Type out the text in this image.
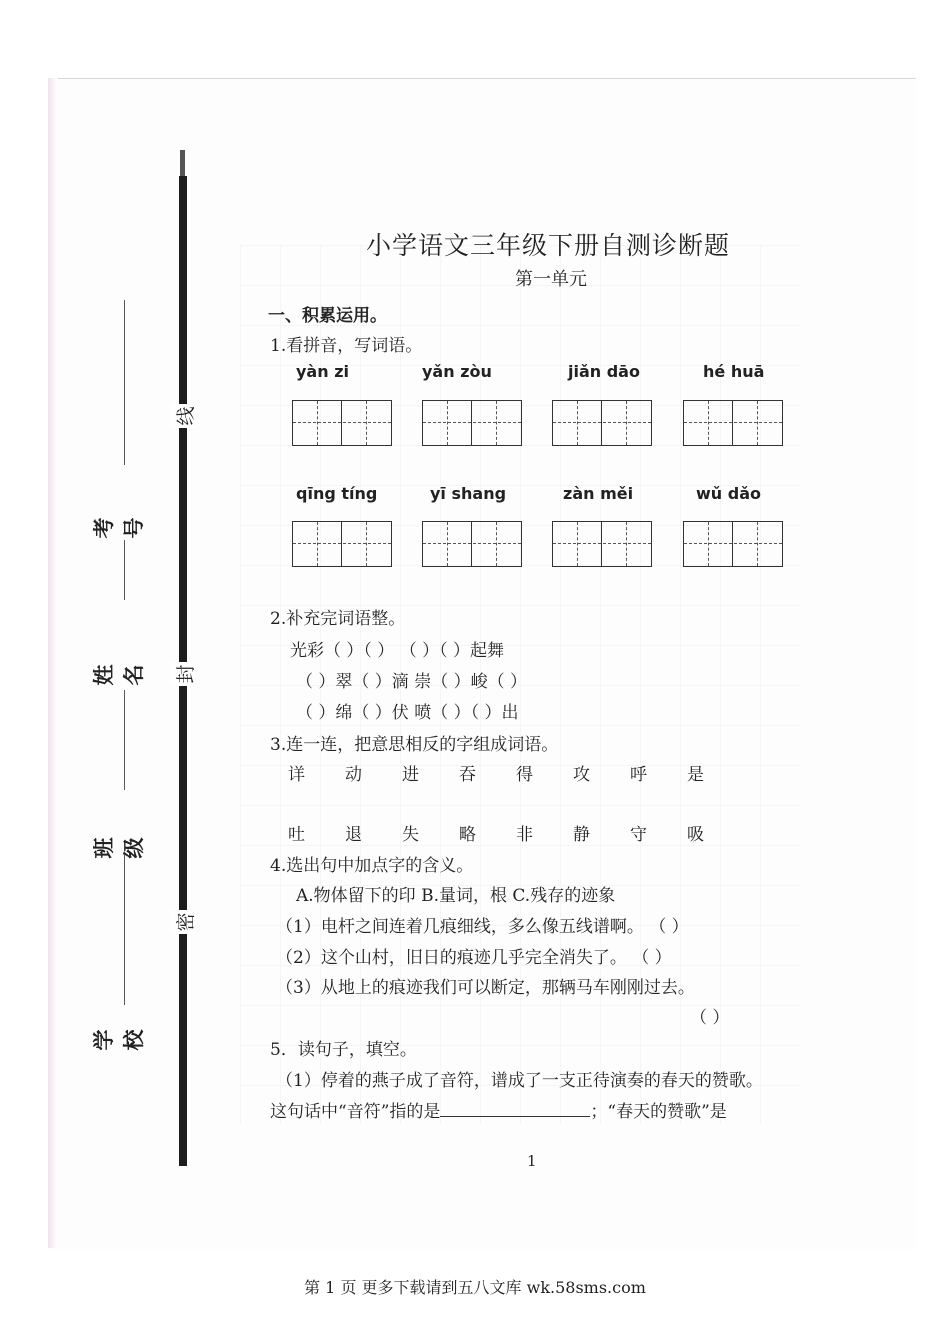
学校
班级
姓名
考号
密
封
线
小学语文三年级下册自测诊断题
第一单元
一、积累运用。
1.看拼音，写词语。
yàn zi	yǎn zòu	jiǎn dāo	hé huā
qīng tíng	yī shang	zàn měi	wǔ dǎo
2.补充完词语整。
光彩（ ）（ ） （ ）（ ）起舞
（ ）翠（ ）滴 崇（ ）峻（ ）
（ ）绵（ ）伏 喷（ ）（ ）出
3.连一连，把意思相反的字组成词语。
详 动 进 吞 得 攻 呼 是
吐 退 失 略 非 静 守 吸
4.选出句中加点字的含义。
A.物体留下的印 B.量词，根 C.残存的迹象
（1）电杆之间连着几痕细线，多么像五线谱啊。 （ ）
（2）这个山村，旧日的痕迹几乎完全消失了。 （ ）
（3）从地上的痕迹我们可以断定，那辆马车刚刚过去。
（ ）
5．读句子，填空。
（1）停着的燕子成了音符，谱成了一支正待演奏的春天的赞歌。
这句话中“音符”指的是	；“春天的赞歌”是
1
第 1 页 更多下载请到五八文库 wk.58sms.com
